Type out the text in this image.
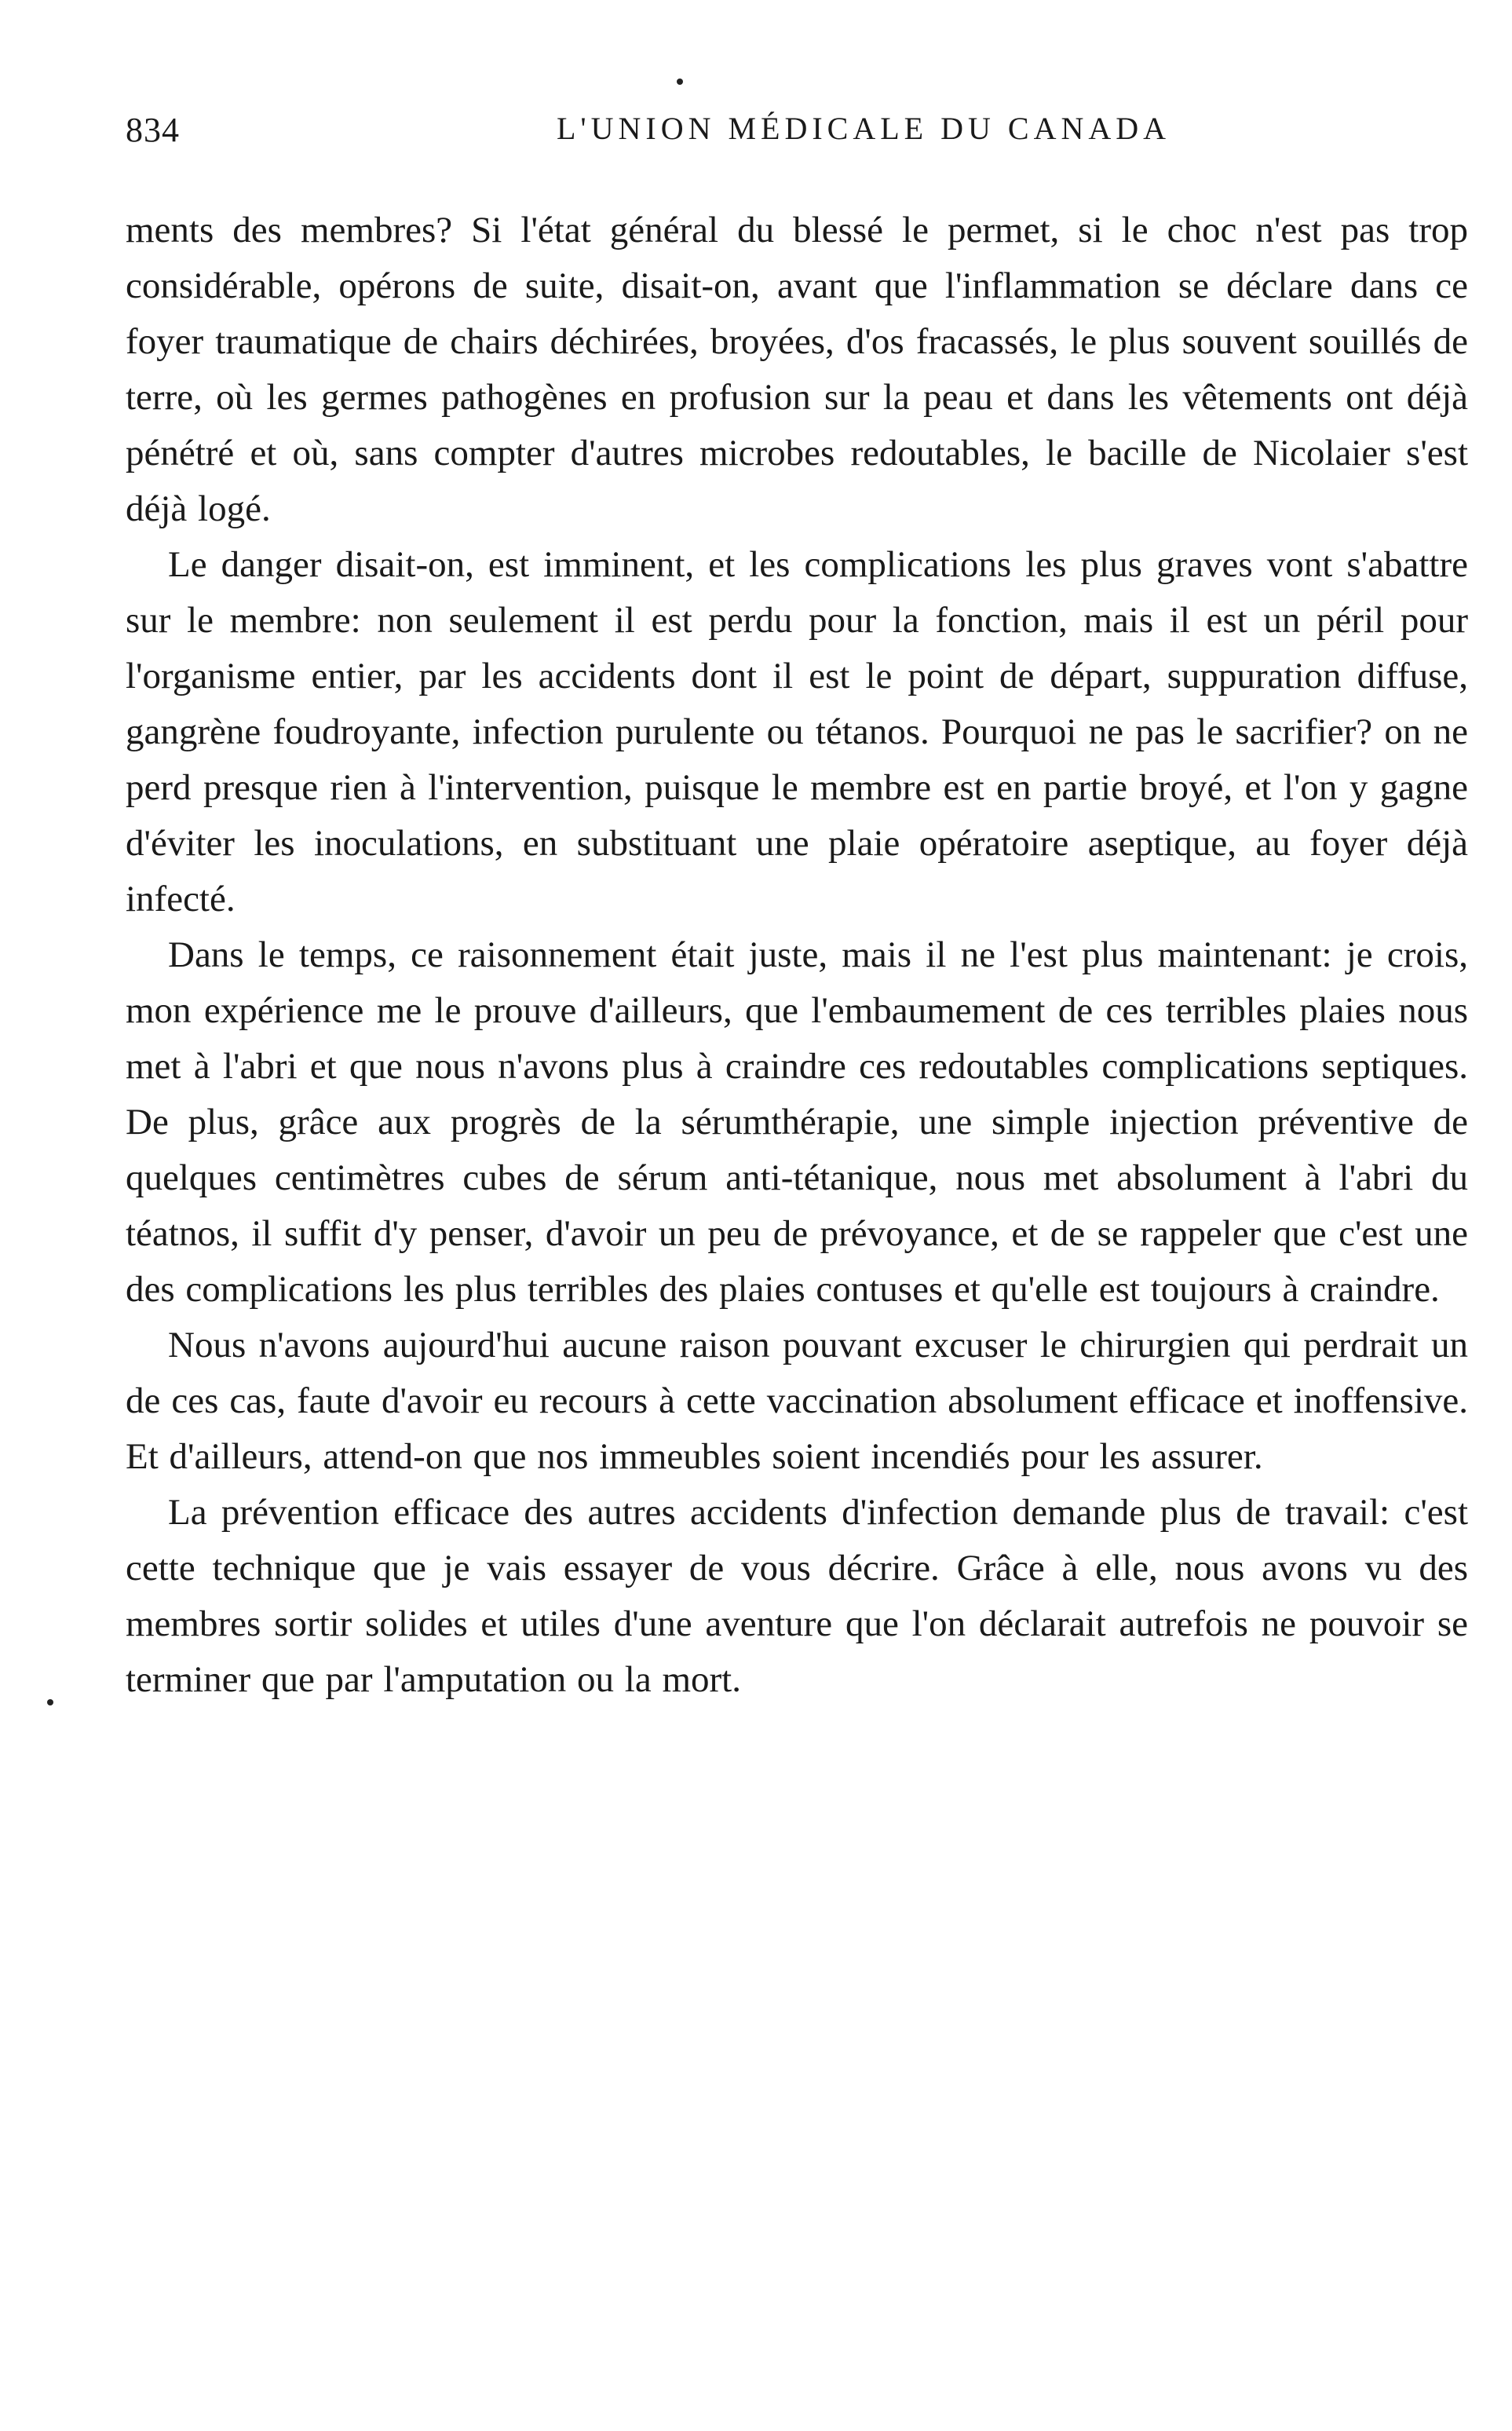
834	L'UNION MÉDICALE DU CANADA

ments des membres? Si l'état général du blessé le permet, si le choc n'est pas trop considérable, opérons de suite, disait-on, avant que l'inflammation se déclare dans ce foyer traumatique de chairs déchirées, broyées, d'os fracassés, le plus souvent souillés de terre, où les germes pathogènes en profusion sur la peau et dans les vêtements ont déjà pénétré et où, sans compter d'autres microbes redoutables, le bacille de Nicolaier s'est déjà logé.

Le danger disait-on, est imminent, et les complications les plus graves vont s'abattre sur le membre: non seulement il est perdu pour la fonction, mais il est un péril pour l'organisme entier, par les accidents dont il est le point de départ, suppuration diffuse, gangrène foudroyante, infection purulente ou tétanos. Pourquoi ne pas le sacrifier? on ne perd presque rien à l'intervention, puisque le membre est en partie broyé, et l'on y gagne d'éviter les inoculations, en substituant une plaie opératoire aseptique, au foyer déjà infecté.

Dans le temps, ce raisonnement était juste, mais il ne l'est plus maintenant: je crois, mon expérience me le prouve d'ailleurs, que l'embaumement de ces terribles plaies nous met à l'abri et que nous n'avons plus à craindre ces redoutables complications septiques. De plus, grâce aux progrès de la sérumthérapie, une simple injection préventive de quelques centimètres cubes de sérum anti-tétanique, nous met absolument à l'abri du téatnos, il suffit d'y penser, d'avoir un peu de prévoyance, et de se rappeler que c'est une des complications les plus terribles des plaies contuses et qu'elle est toujours à craindre.

Nous n'avons aujourd'hui aucune raison pouvant excuser le chirurgien qui perdrait un de ces cas, faute d'avoir eu recours à cette vaccination absolument efficace et inoffensive. Et d'ailleurs, attend-on que nos immeubles soient incendiés pour les assurer.

La prévention efficace des autres accidents d'infection demande plus de travail: c'est cette technique que je vais essayer de vous décrire. Grâce à elle, nous avons vu des membres sortir solides et utiles d'une aventure que l'on déclarait autrefois ne pouvoir se terminer que par l'amputation ou la mort.
